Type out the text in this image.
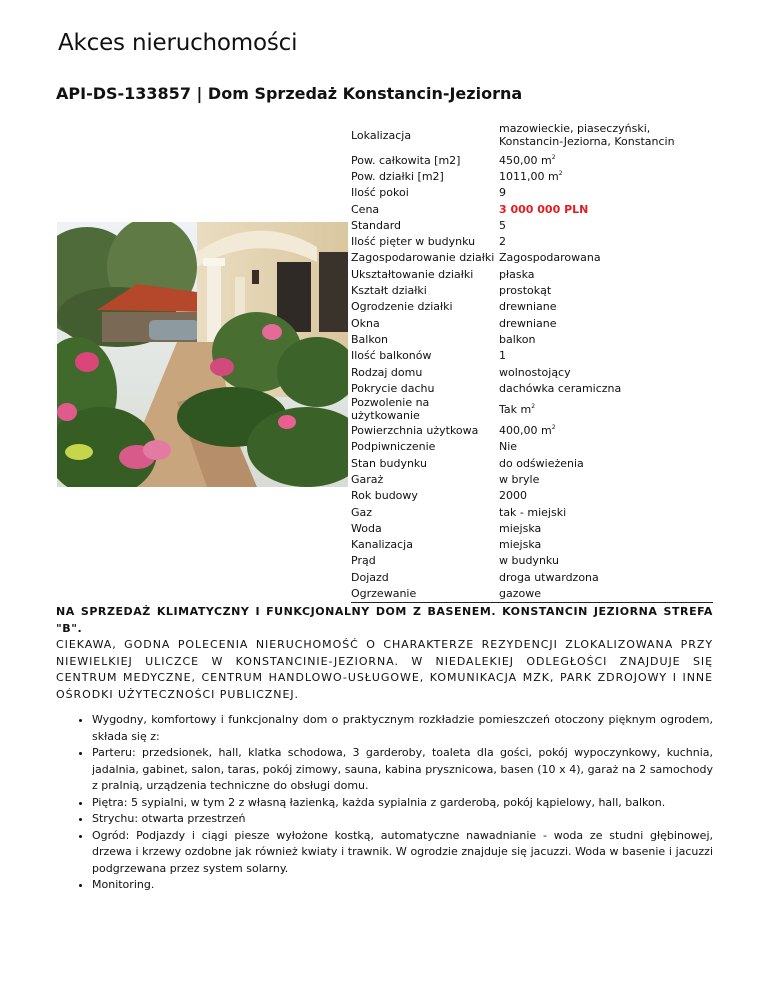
Akces nieruchomości
API-DS-133857 | Dom Sprzedaż Konstancin-Jeziorna
Lokalizacja	mazowieckie, piaseczyński, Konstancin-Jeziorna, Konstancin
Pow. całkowita [m2]	450,00 $m^2$
Pow. działki [m2]	1011,00 $m^2$
Ilość pokoi	9
Cena	3 000 000 PLN
Standard	5
Ilość pięter w budynku	2
Zagospodarowanie działki	Zagospodarowana
Ukształtowanie działki	płaska
Kształt działki	prostokąt
Ogrodzenie działki	drewniane
Okna	drewniane
Balkon	balkon
Ilość balkonów	1
Rodzaj domu	wolnostojący
Pokrycie dachu	dachówka ceramiczna
Pozwolenie na użytkowanie	Tak $m^2$
Powierzchnia użytkowa	400,00 $m^2$
Podpiwniczenie	Nie
Stan budynku	do odświeżenia
Garaż	w bryle
Rok budowy	2000
Gaz	tak - miejski
Woda	miejska
Kanalizacja	miejska
Prąd	w budynku
Dojazd	droga utwardzona
Ogrzewanie	gazowe

NA SPRZEDAŻ KLIMATYCZNY I FUNKCJONALNY DOM Z BASENEM. KONSTANCIN JEZIORNA STREFA "B".

CIEKAWA, GODNA POLECENIA NIERUCHOMOŚĆ O CHARAKTERZE REZYDENCJI ZLOKALIZOWANA PRZY NIEWIELKIEJ ULICZCE W KONSTANCINIE-JEZIORNA. W NIEDALEKIEJ ODLEGŁOŚCI ZNAJDUJE SIĘ CENTRUM MEDYCZNE, CENTRUM HANDLOWO-USŁUGOWE, KOMUNIKACJA MZK, PARK ZDROJOWY I INNE OŚRODKI UŻYTECZNOŚCI PUBLICZNEJ.

• Wygodny, komfortowy i funkcjonalny dom o praktycznym rozkładzie pomieszczeń otoczony pięknym ogrodem, składa się z:
• Parteru: przedsionek, hall, klatka schodowa, 3 garderoby, toaleta dla gości, pokój wypoczynkowy, kuchnia, jadalnia, gabinet, salon, taras, pokój zimowy, sauna, kabina prysznicowa, basen (10 x 4), garaż na 2 samochody z pralnią, urządzenia techniczne do obsługi domu.
• Piętra: 5 sypialni, w tym 2 z własną łazienką, każda sypialnia z garderobą, pokój kąpielowy, hall, balkon.
• Strychu: otwarta przestrzeń
• Ogród: Podjazdy i ciągi piesze wyłożone kostką, automatyczne nawadnianie - woda ze studni głębinowej, drzewa i krzewy ozdobne jak również kwiaty i trawnik. W ogrodzie znajduje się jacuzzi. Woda w basenie i jacuzzi podgrzewana przez system solarny.
• Monitoring.
